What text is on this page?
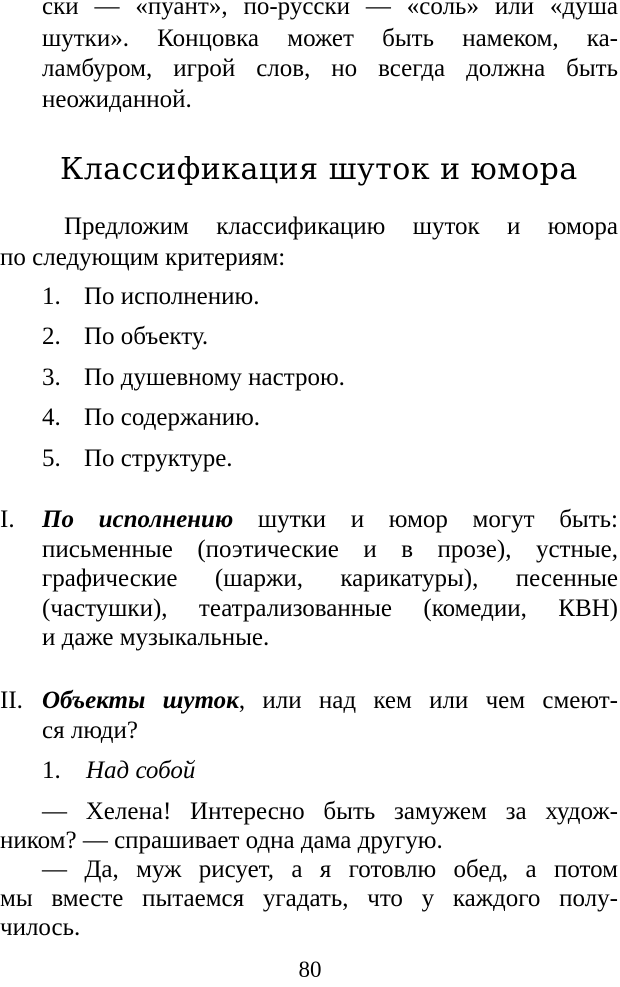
ски — «пуант», по-русски — «соль» или «душа
шутки». Концовка может быть намеком, ка-
ламбуром, игрой слов, но всегда должна быть
неожиданной.
Классификация шуток и юмора
Предложим классификацию шуток и юмора
по следующим критериям:
1. По исполнению.
2. По объекту.
3. По душевному настрою.
4. По содержанию.
5. По структуре.
I. По исполнению шутки и юмор могут быть:
письменные (поэтические и в прозе), устные,
графические (шаржи, карикатуры), песенные
(частушки), театрализованные (комедии, КВН)
и даже музыкальные.
II. Объекты шуток, или над кем или чем смеют-
ся люди?
1. Над собой
— Хелена! Интересно быть замужем за худож-
ником? — спрашивает одна дама другую.
— Да, муж рисует, а я готовлю обед, а потом
мы вместе пытаемся угадать, что у каждого полу-
чилось.
80
